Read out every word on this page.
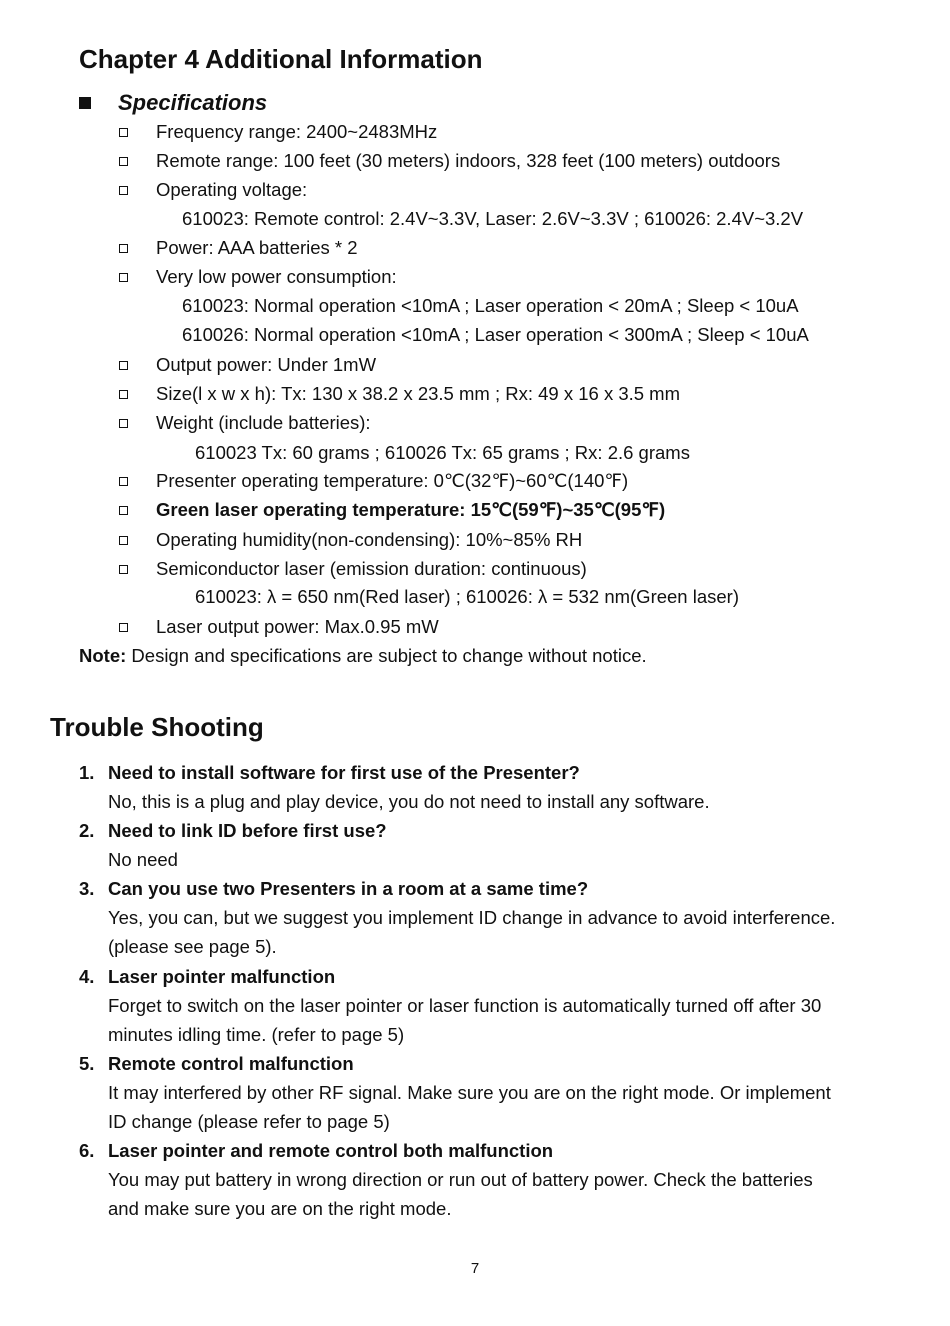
Chapter 4 Additional Information
Specifications
Frequency range: 2400~2483MHz
Remote range: 100 feet (30 meters) indoors, 328 feet (100 meters) outdoors
Operating voltage:
610023: Remote control: 2.4V~3.3V, Laser: 2.6V~3.3V ; 610026: 2.4V~3.2V
Power: AAA batteries * 2
Very low power consumption:
610023: Normal operation <10mA ; Laser operation < 20mA ; Sleep < 10uA
610026: Normal operation <10mA ; Laser operation < 300mA ; Sleep < 10uA
Output power: Under 1mW
Size(l x w x h): Tx: 130 x 38.2 x 23.5 mm ; Rx: 49 x 16 x 3.5 mm
Weight (include batteries):
610023 Tx: 60 grams ; 610026 Tx: 65 grams ; Rx: 2.6 grams
Presenter operating temperature: 0℃(32℉)~60℃(140℉)
Green laser operating temperature: 15℃(59℉)~35℃(95℉)
Operating humidity(non-condensing): 10%~85% RH
Semiconductor laser (emission duration: continuous)
610023: λ = 650 nm(Red laser) ; 610026: λ = 532 nm(Green laser)
Laser output power: Max.0.95 mW
Note: Design and specifications are subject to change without notice.
Trouble Shooting
1. Need to install software for first use of the Presenter?
No, this is a plug and play device, you do not need to install any software.
2. Need to link ID before first use?
No need
3. Can you use two Presenters in a room at a same time?
Yes, you can, but we suggest you implement ID change in advance to avoid interference.
(please see page 5).
4. Laser pointer malfunction
Forget to switch on the laser pointer or laser function is automatically turned off after 30
minutes idling time. (refer to page 5)
5. Remote control malfunction
It may interfered by other RF signal. Make sure you are on the right mode. Or implement
ID change (please refer to page 5)
6. Laser pointer and remote control both malfunction
You may put battery in wrong direction or run out of battery power. Check the batteries
and make sure you are on the right mode.
7
